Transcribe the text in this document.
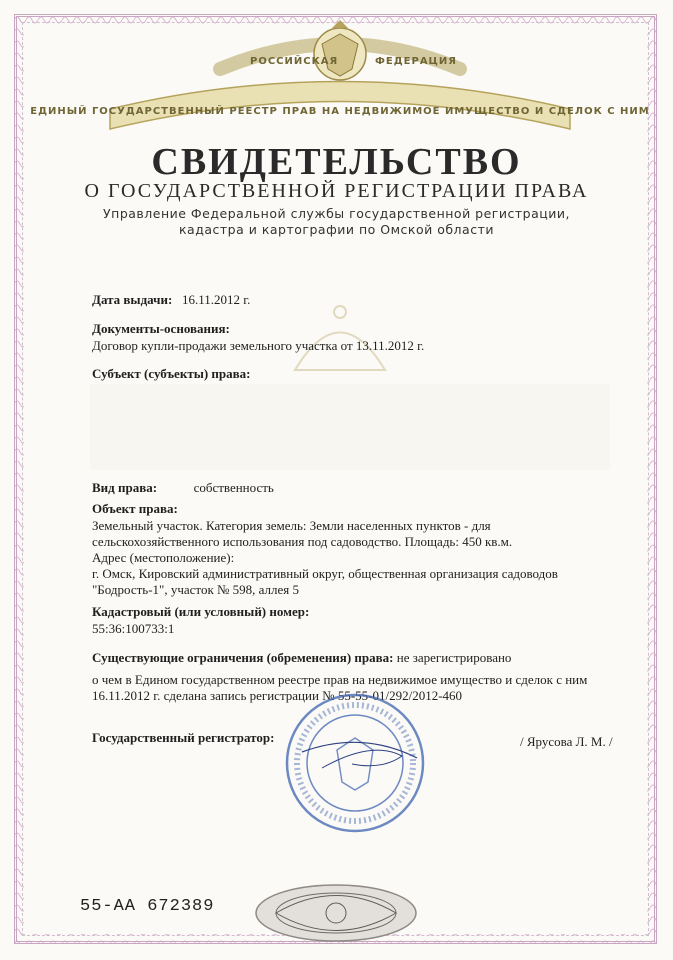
РОССИЙСКАЯ	ФЕДЕРАЦИЯ
ЕДИНЫЙ ГОСУДАРСТВЕННЫЙ РЕЕСТР ПРАВ НА НЕДВИЖИМОЕ ИМУЩЕСТВО И СДЕЛОК С НИМ
СВИДЕТЕЛЬСТВО
О ГОСУДАРСТВЕННОЙ РЕГИСТРАЦИИ ПРАВА
Управление Федеральной службы государственной регистрации,
кадастра и картографии по Омской области
Дата выдачи: 16.11.2012 г.
Документы-основания:
Договор купли-продажи земельного участка от 13.11.2012 г.
Субъект (субъекты) права:
Вид права:	собственность
Объект права:
Земельный участок. Категория земель: Земли населенных пунктов - для
сельскохозяйственного использования под садоводство. Площадь: 450 кв.м.
Адрес (местоположение):
г. Омск, Кировский административный округ, общественная организация садоводов
"Бодрость-1", участок № 598, аллея 5
Кадастровый (или условный) номер:
55:36:100733:1
Существующие ограничения (обременения) права: не зарегистрировано
о чем в Едином государственном реестре прав на недвижимое имущество и сделок с ним
16.11.2012 г. сделана запись регистрации № 55-55-01/292/2012-460
Государственный регистратор:	/ Ярусова Л. М. /
55-АА 672389
